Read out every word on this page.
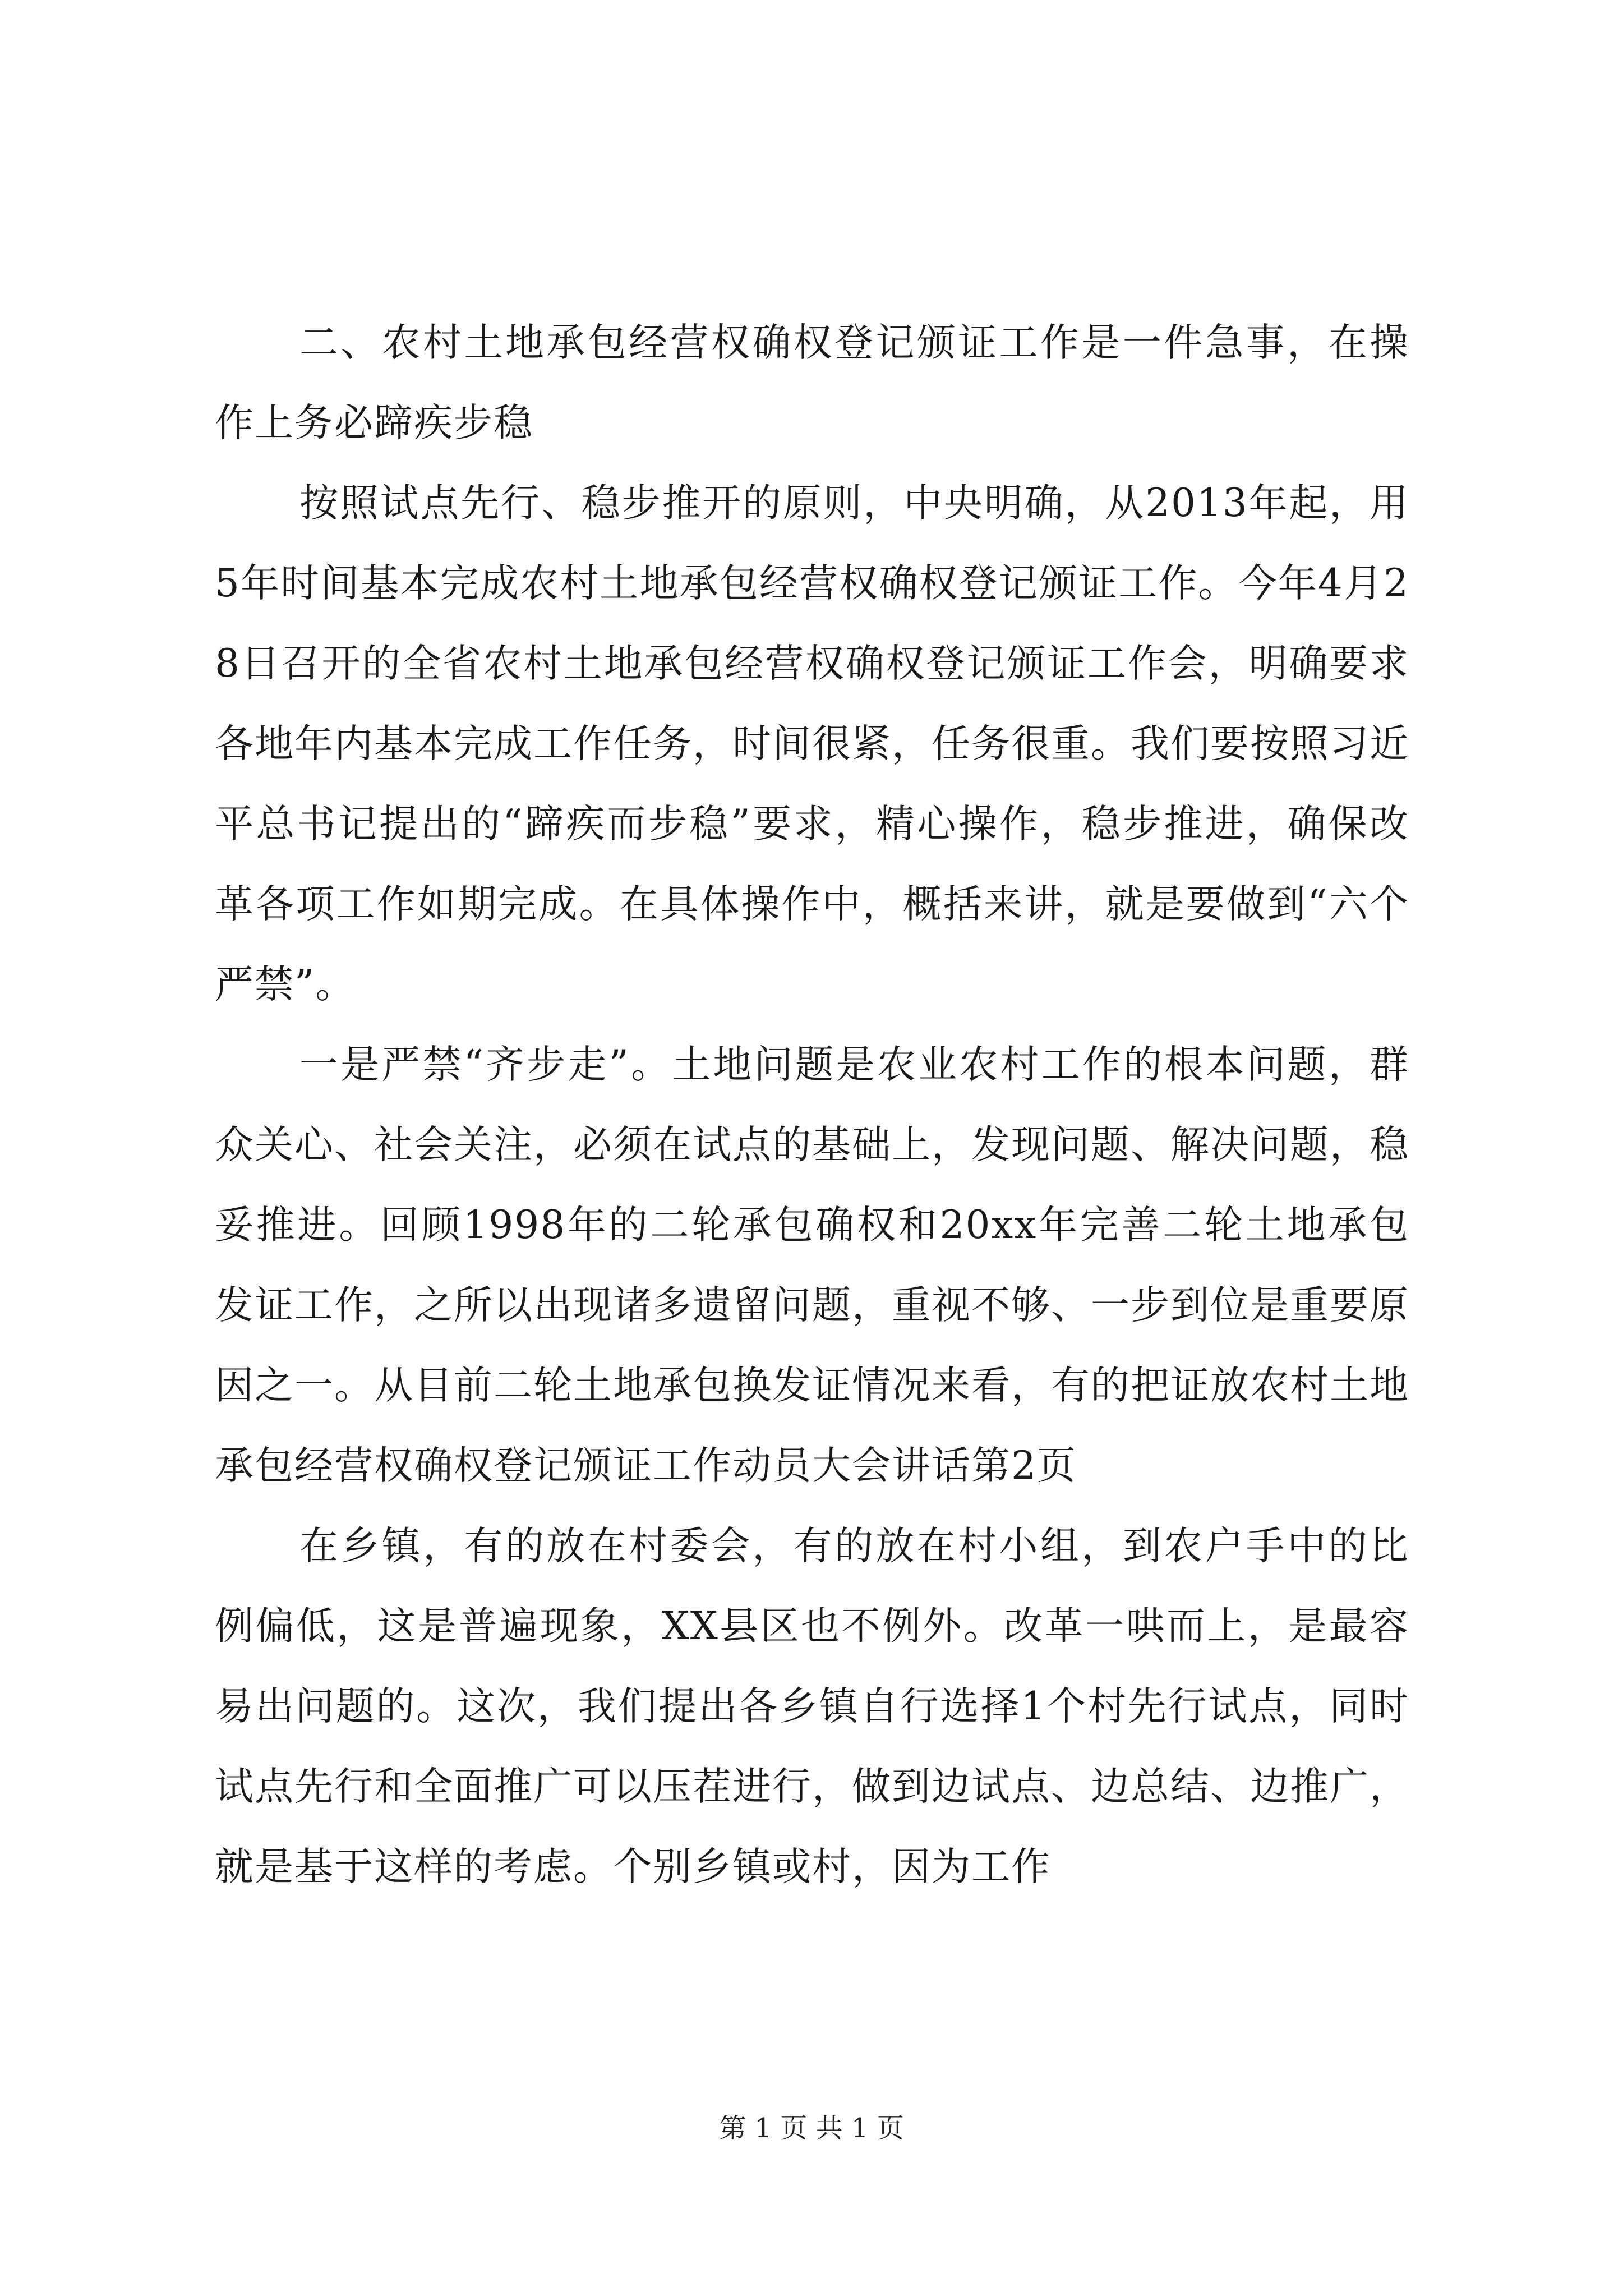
二、农村土地承包经营权确权登记颁证工作是一件急事，在操作上务必蹄疾步稳

按照试点先行、稳步推开的原则，中央明确，从2013年起，用5年时间基本完成农村土地承包经营权确权登记颁证工作。今年4月28日召开的全省农村土地承包经营权确权登记颁证工作会，明确要求各地年内基本完成工作任务，时间很紧，任务很重。我们要按照习近平总书记提出的“蹄疾而步稳”要求，精心操作，稳步推进，确保改革各项工作如期完成。在具体操作中，概括来讲，就是要做到“六个严禁”。

一是严禁“齐步走”。土地问题是农业农村工作的根本问题，群众关心、社会关注，必须在试点的基础上，发现问题、解决问题，稳妥推进。回顾1998年的二轮承包确权和20xx年完善二轮土地承包发证工作，之所以出现诸多遗留问题，重视不够、一步到位是重要原因之一。从目前二轮土地承包换发证情况来看，有的把证放农村土地承包经营权确权登记颁证工作动员大会讲话第2页

在乡镇，有的放在村委会，有的放在村小组，到农户手中的比例偏低，这是普遍现象，XX县区也不例外。改革一哄而上，是最容易出问题的。这次，我们提出各乡镇自行选择1个村先行试点，同时试点先行和全面推广可以压茬进行，做到边试点、边总结、边推广，就是基于这样的考虑。个别乡镇或村，因为工作

第 1 页 共 1 页
